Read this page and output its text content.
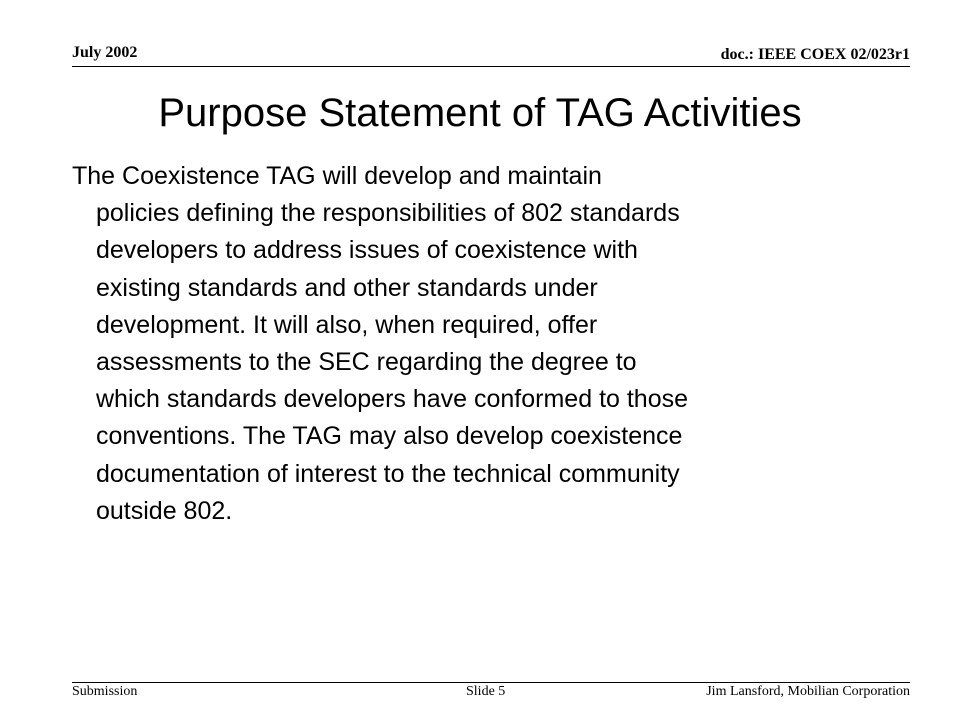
July 2002	doc.: IEEE COEX 02/023r1
Purpose Statement of TAG Activities
The Coexistence TAG will develop and maintain
policies defining the responsibilities of 802 standards
developers to address issues of coexistence with
existing standards and other standards under
development. It will also, when required, offer
assessments to the SEC regarding the degree to
which standards developers have conformed to those
conventions. The TAG may also develop coexistence
documentation of interest to the technical community
outside 802.
Submission	Slide 5	Jim Lansford, Mobilian Corporation
